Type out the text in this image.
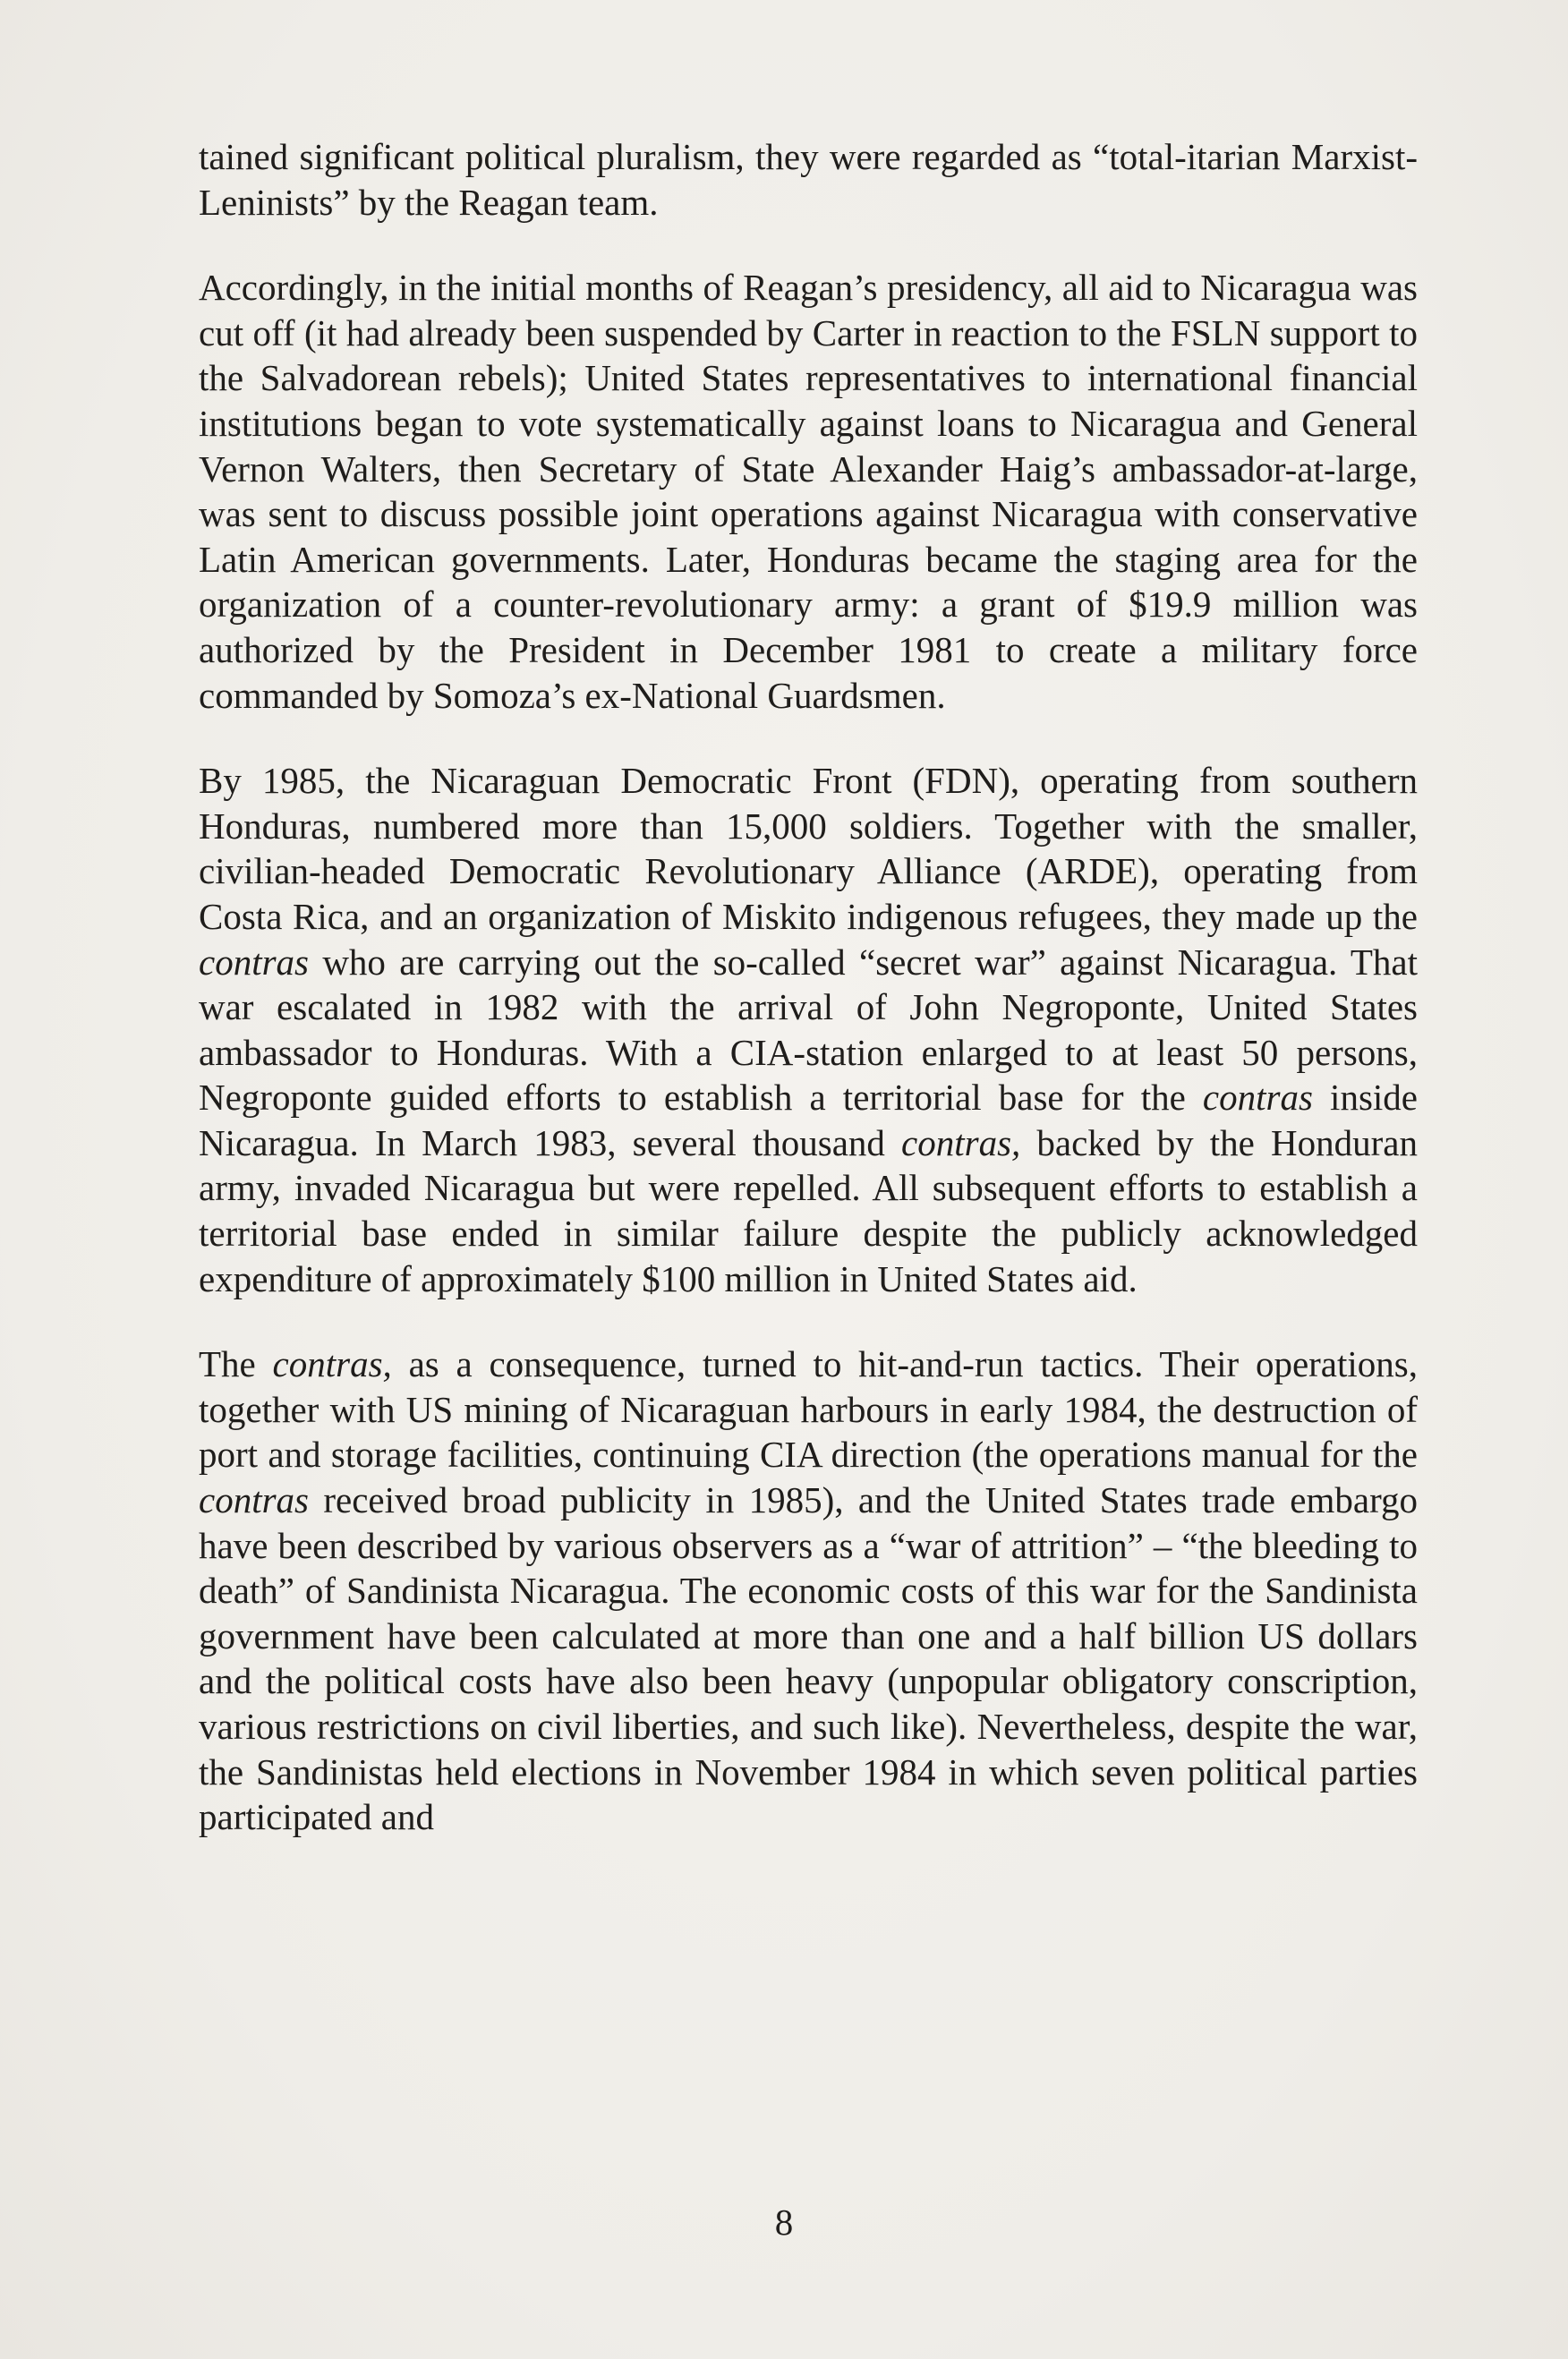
tained significant political pluralism, they were regarded as “total-itarian Marxist-Leninists” by the Reagan team.

Accordingly, in the initial months of Reagan’s presidency, all aid to Nicaragua was cut off (it had already been suspended by Carter in reaction to the FSLN support to the Salvadorean rebels); United States representatives to international financial institutions began to vote systematically against loans to Nicaragua and General Vernon Walters, then Secretary of State Alexander Haig’s ambassador-at-large, was sent to discuss possible joint operations against Nicaragua with conservative Latin American governments. Later, Honduras became the staging area for the organization of a counter-revolutionary army: a grant of $19.9 million was authorized by the President in December 1981 to create a military force commanded by Somoza’s ex-National Guardsmen.

By 1985, the Nicaraguan Democratic Front (FDN), operating from southern Honduras, numbered more than 15,000 soldiers. Together with the smaller, civilian-headed Democratic Revolutionary Alliance (ARDE), operating from Costa Rica, and an organization of Miskito indigenous refugees, they made up the contras who are carrying out the so-called “secret war” against Nicaragua. That war escalated in 1982 with the arrival of John Negroponte, United States ambassador to Honduras. With a CIA-station enlarged to at least 50 persons, Negroponte guided efforts to establish a territorial base for the contras inside Nicaragua. In March 1983, several thousand contras, backed by the Honduran army, invaded Nicaragua but were repelled. All subsequent efforts to establish a territorial base ended in similar failure despite the publicly acknowledged expenditure of approximately $100 million in United States aid.

The contras, as a consequence, turned to hit-and-run tactics. Their operations, together with US mining of Nicaraguan harbours in early 1984, the destruction of port and storage facilities, continuing CIA direction (the operations manual for the contras received broad publicity in 1985), and the United States trade embargo have been described by various observers as a “war of attrition” – “the bleeding to death” of Sandinista Nicaragua. The economic costs of this war for the Sandinista government have been calculated at more than one and a half billion US dollars and the political costs have also been heavy (unpopular obligatory conscription, various restrictions on civil liberties, and such like). Nevertheless, despite the war, the Sandinistas held elections in November 1984 in which seven political parties participated and

8
